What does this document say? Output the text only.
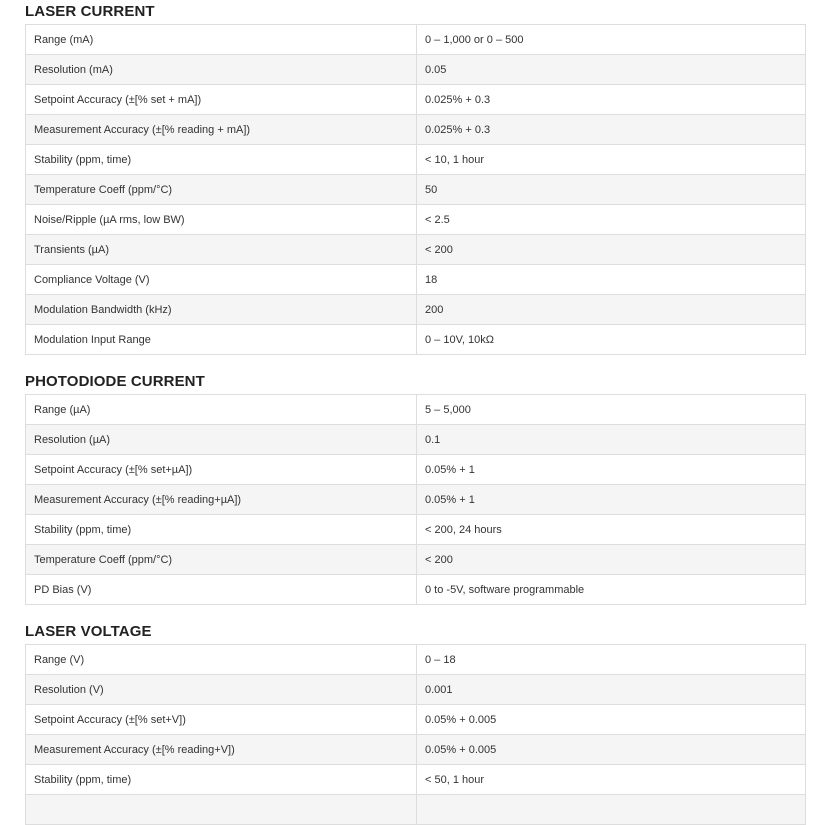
LASER CURRENT
Range (mA)	0 – 1,000 or 0 – 500
Resolution (mA)	0.05
Setpoint Accuracy (±[% set + mA])	0.025% + 0.3
Measurement Accuracy (±[% reading + mA])	0.025% + 0.3
Stability (ppm, time)	< 10, 1 hour
Temperature Coeff (ppm/°C)	50
Noise/Ripple (µA rms, low BW)	< 2.5
Transients (µA)	< 200
Compliance Voltage (V)	18
Modulation Bandwidth (kHz)	200
Modulation Input Range	0 – 10V, 10kΩ
PHOTODIODE CURRENT
Range (µA)	5 – 5,000
Resolution (µA)	0.1
Setpoint Accuracy (±[% set+µA])	0.05% + 1
Measurement Accuracy (±[% reading+µA])	0.05% + 1
Stability (ppm, time)	< 200, 24 hours
Temperature Coeff (ppm/°C)	< 200
PD Bias (V)	0 to -5V, software programmable
LASER VOLTAGE
Range (V)	0 – 18
Resolution (V)	0.001
Setpoint Accuracy (±[% set+V])	0.05% + 0.005
Measurement Accuracy (±[% reading+V])	0.05% + 0.005
Stability (ppm, time)	< 50, 1 hour
